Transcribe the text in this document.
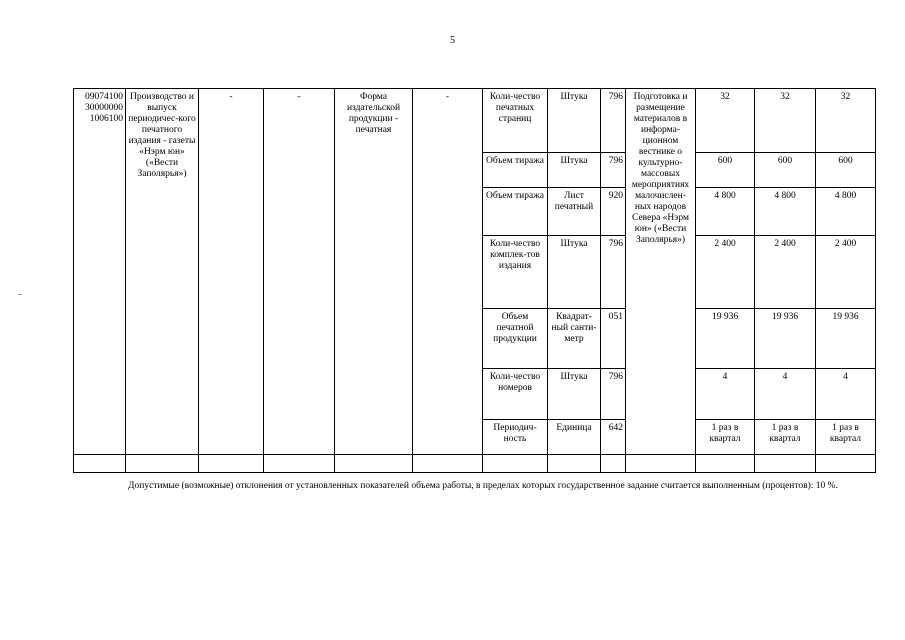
5
09074100 30000000 1006100	Производство и выпуск периодичес-кого печатного издания - газеты «Нэрм юн» («Вести Заполярья»)	-	-	Форма издательской продукции - печатная	-	Коли-чество печатных страниц	Штука	796	Подготовка и размещение материалов в информа-ционном вестнике о культурно-массовых мероприятиях малочислен-ных народов Севера «Нэрм юн» («Вести Заполярья»)	32	32	32
						Объем тиража	Штука	796		600	600	600
						Объем тиража	Лист печатный	920		4 800	4 800	4 800
						Коли-чество комплек-тов издания	Штука	796		2 400	2 400	2 400
						Объем печатной продукции	Квадрат-ный санти-метр	051		19 936	19 936	19 936
						Коли-чество номеров	Штука	796		4	4	4
						Периодич-ность	Единица	642		1 раз в квартал	1 раз в квартал	1 раз в квартал

Допустимые (возможные) отклонения от установленных показателей объема работы, в пределах которых государственное задание считается выполненным (процентов): 10 %.
